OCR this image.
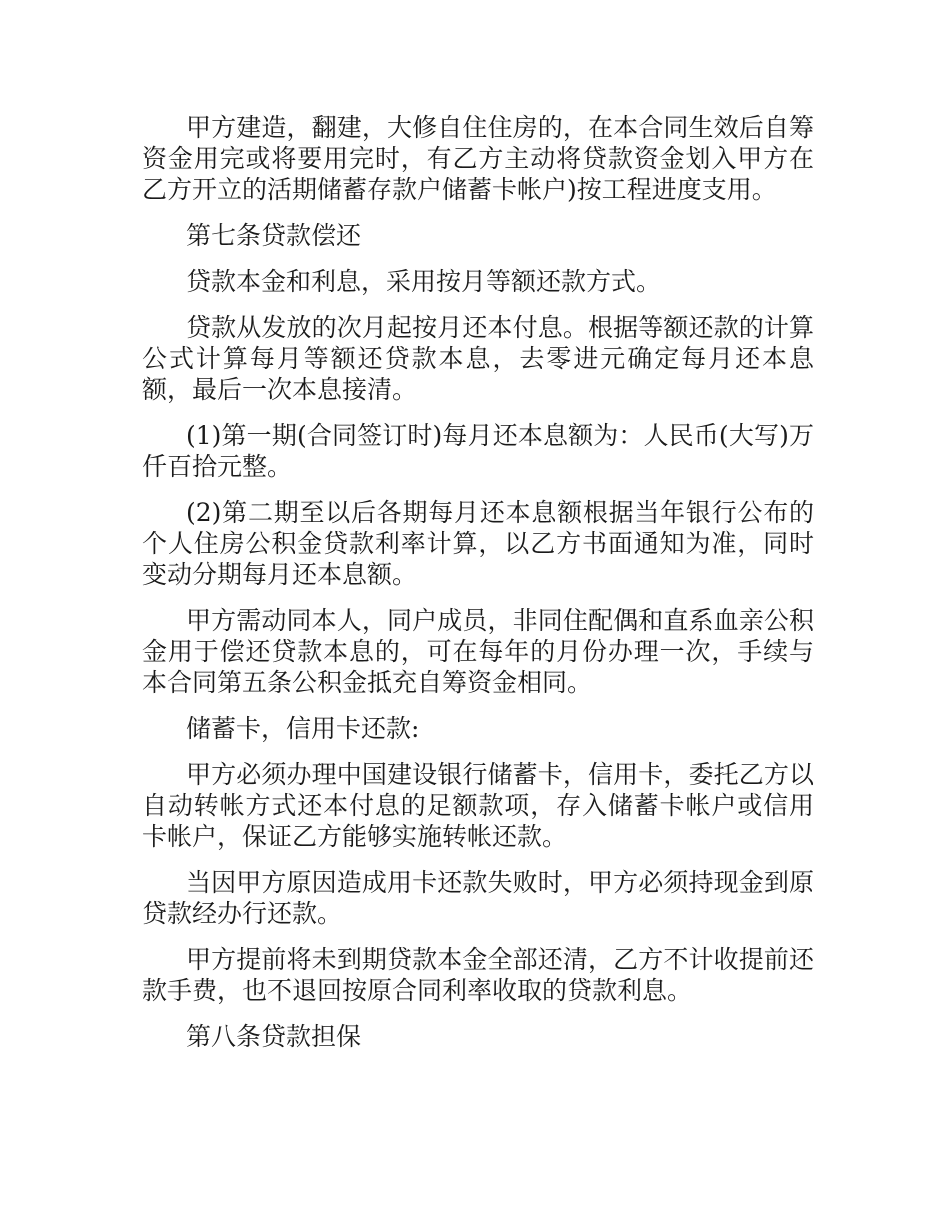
甲方建造，翻建，大修自住住房的，在本合同生效后自筹资金用完或将要用完时，有乙方主动将贷款资金划入甲方在乙方开立的活期储蓄存款户储蓄卡帐户)按工程进度支用。

第七条贷款偿还

贷款本金和利息，采用按月等额还款方式。

贷款从发放的次月起按月还本付息。根据等额还款的计算公式计算每月等额还贷款本息，去零进元确定每月还本息额，最后一次本息接清。

(1)第一期(合同签订时)每月还本息额为：人民币(大写)万仟百拾元整。

(2)第二期至以后各期每月还本息额根据当年银行公布的个人住房公积金贷款利率计算，以乙方书面通知为准，同时变动分期每月还本息额。

甲方需动同本人，同户成员，非同住配偶和直系血亲公积金用于偿还贷款本息的，可在每年的月份办理一次，手续与本合同第五条公积金抵充自筹资金相同。

储蓄卡，信用卡还款:

甲方必须办理中国建设银行储蓄卡，信用卡，委托乙方以自动转帐方式还本付息的足额款项，存入储蓄卡帐户或信用卡帐户，保证乙方能够实施转帐还款。

当因甲方原因造成用卡还款失败时，甲方必须持现金到原贷款经办行还款。

甲方提前将未到期贷款本金全部还清，乙方不计收提前还款手费，也不退回按原合同利率收取的贷款利息。

第八条贷款担保
